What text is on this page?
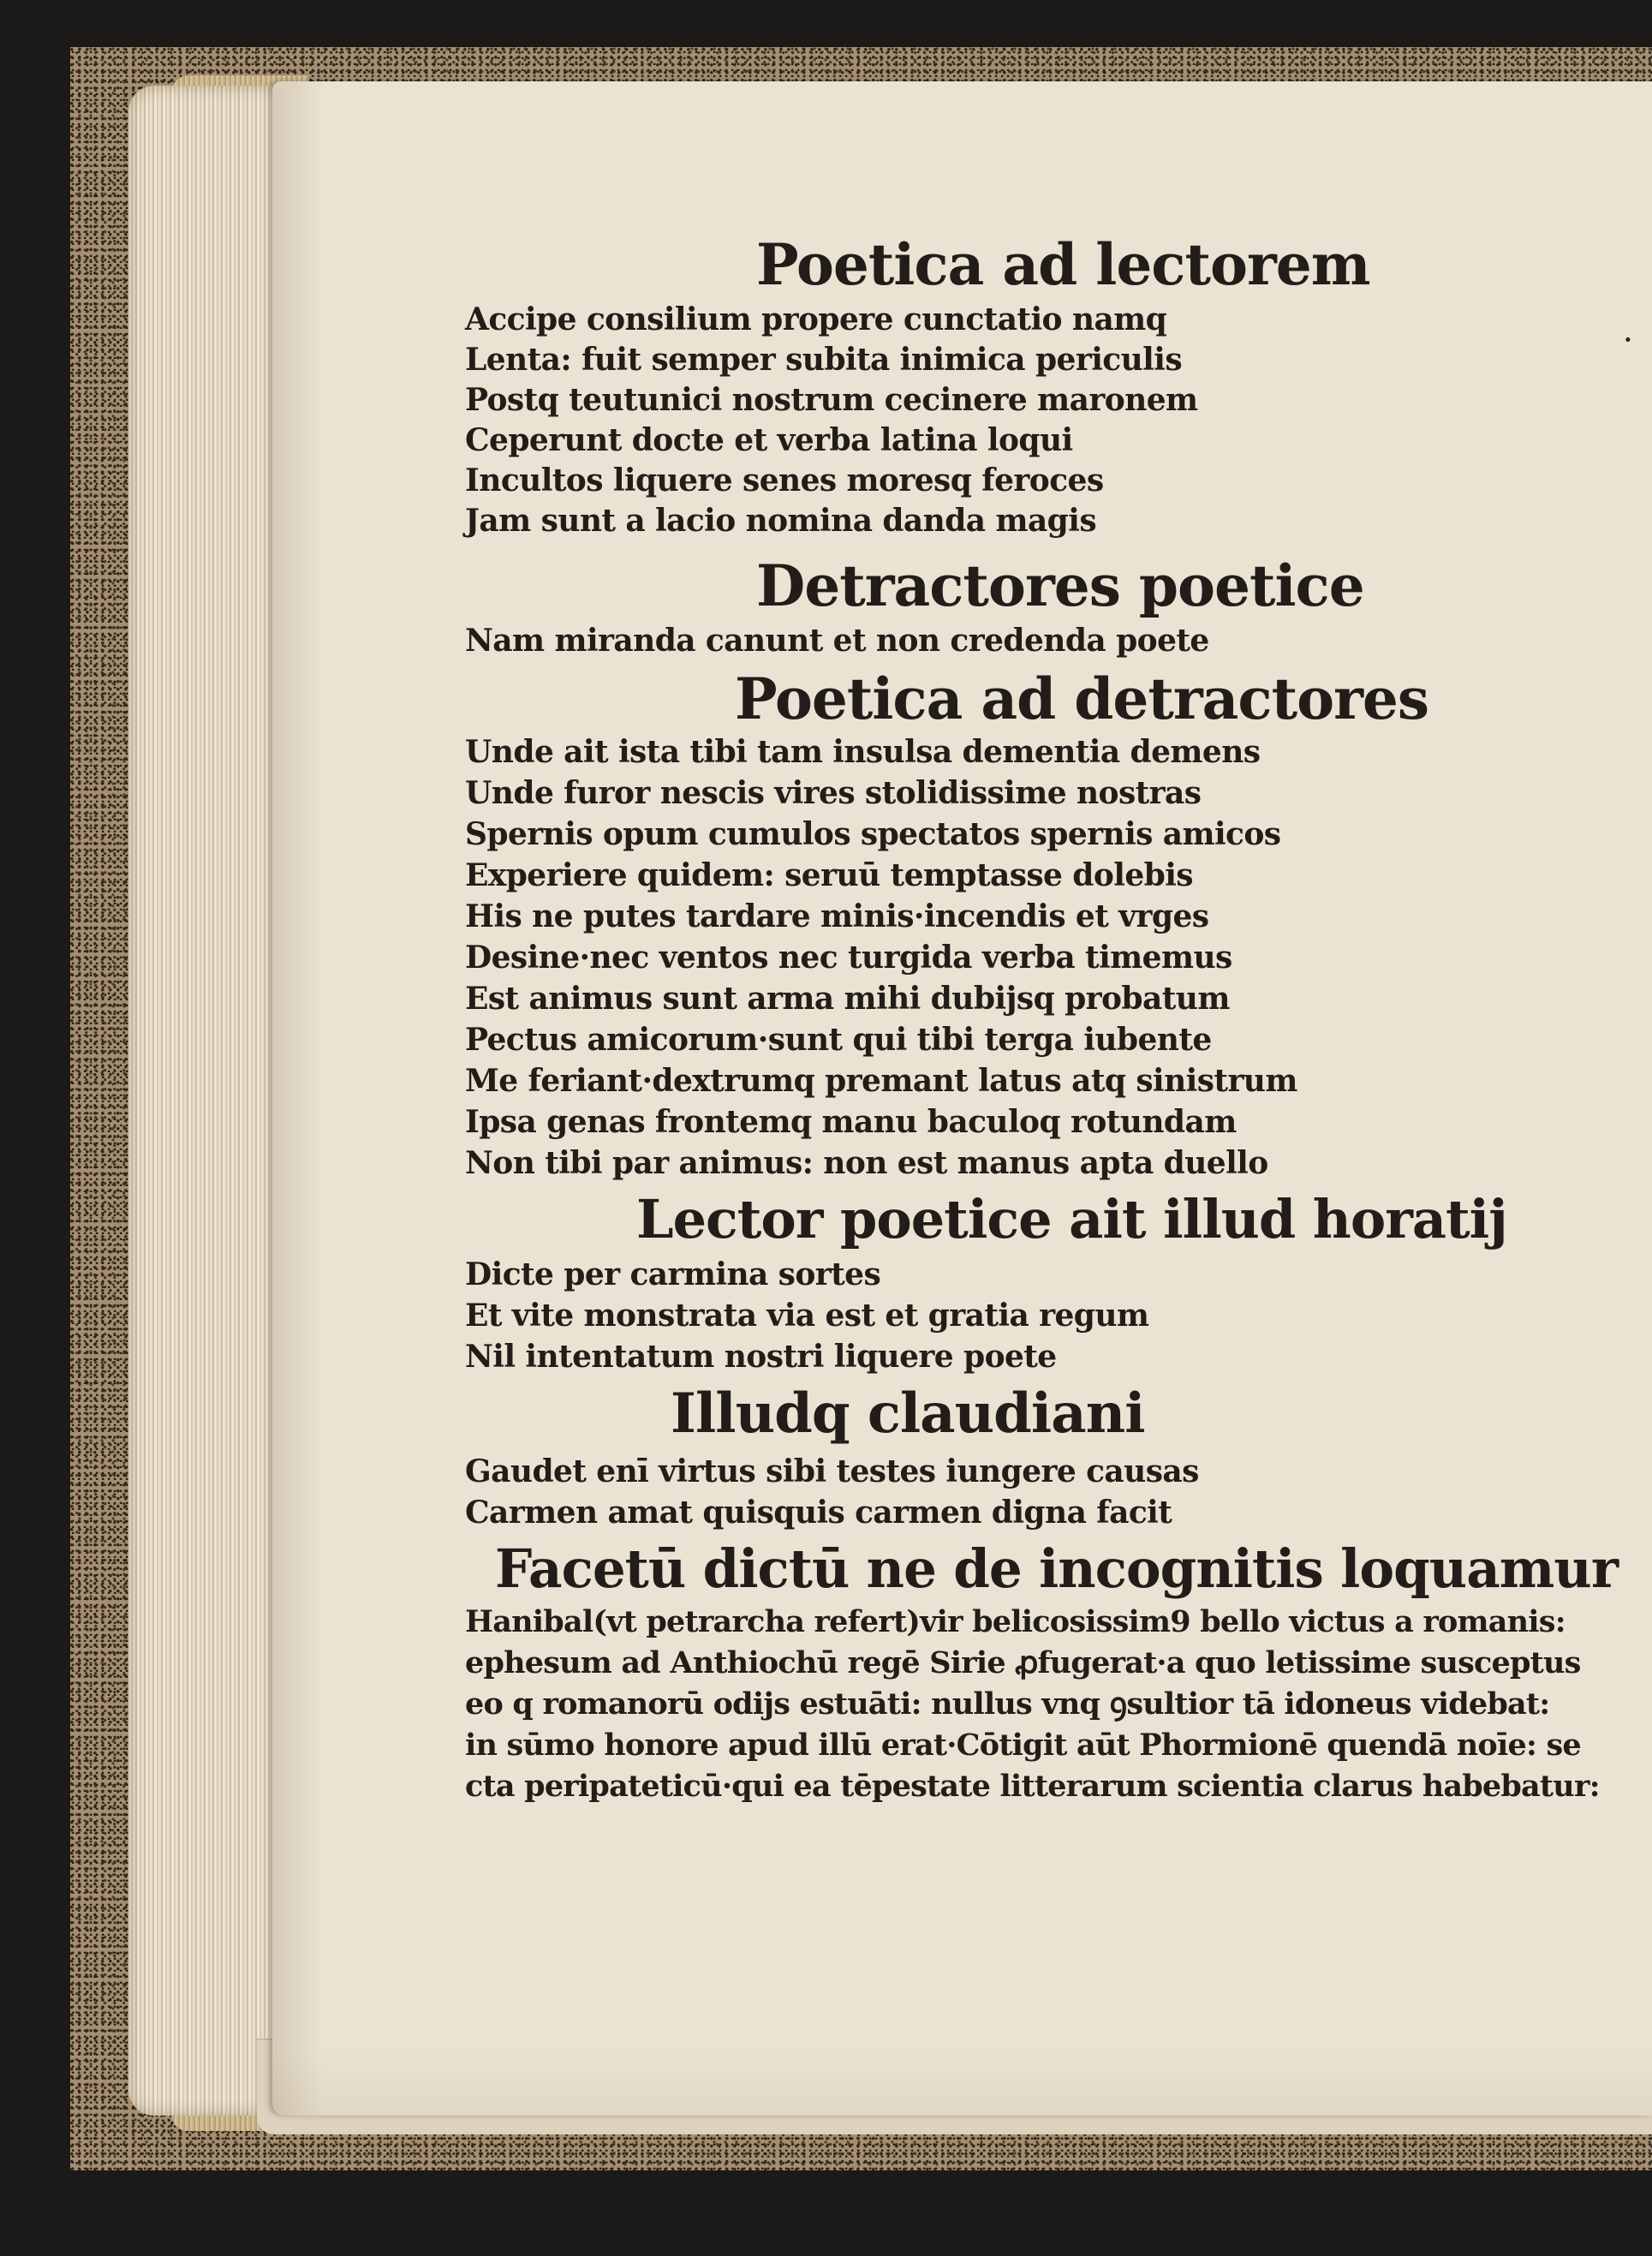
·
Poetica ad lectorem
Accipe consilium propere cunctatio namq
Lenta: fuit semper subita inimica periculis
Postq teutunici nostrum cecinere maronem
Ceperunt docte et verba latina loqui
Incultos liquere senes moresq feroces
Jam sunt a lacio nomina danda magis
Detractores poetice
Nam miranda canunt et non credenda poete
Poetica ad detractores
Unde ait ista tibi tam insulsa dementia demens
Unde furor nescis vires stolidissime nostras
Spernis opum cumulos spectatos spernis amicos
Experiere quidem: seruū temptasse dolebis
His ne putes tardare minis·incendis et vrges
Desine·nec ventos nec turgida verba timemus
Est animus sunt arma mihi dubijsq probatum
Pectus amicorum·sunt qui tibi terga iubente
Me feriant·dextrumq premant latus atq sinistrum
Ipsa genas frontemq manu baculoq rotundam
Non tibi par animus: non est manus apta duello
Lector poetice ait illud horatij
Dicte per carmina sortes
Et vite monstrata via est et gratia regum
Nil intentatum nostri liquere poete
Illudq claudiani
Gaudet enī virtus sibi testes iungere causas
Carmen amat quisquis carmen digna facit
Facetū dictū ne de incognitis loquamur
Hanibal(vt petrarcha refert)vir belicosissim9 bello victus a romanis:
ephesum ad Anthiochū regē Sirie ꝓfugerat·a quo letissime susceptus
eo q romanorū odijs estuāti: nullus vnq ꝯsultior tā idoneus videbat:
in sūmo honore apud illū erat·Cōtigit aūt Phormionē quendā noīe: se
cta peripateticū·qui ea tēpestate litterarum scientia clarus habebatur:
